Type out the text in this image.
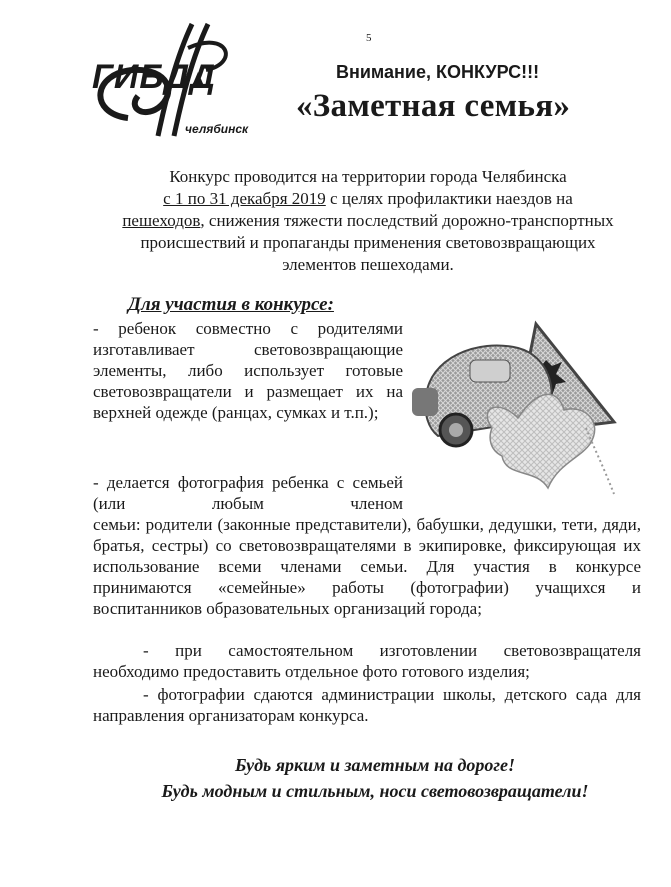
5
ГИБДД
челябинск
Внимание, КОНКУРС!!!
«Заметная семья»
Конкурс проводится на территории города Челябинска
с 1 по 31 декабря 2019 с целях профилактики наездов на
пешеходов, снижения тяжести последствий дорожно-транспортных происшествий и пропаганды применения световозвращающих элементов пешеходами.
Для участия в конкурсе:
- ребенок совместно с родителями изготавливает световозвращающие элементы, либо использует готовые световозвращатели и размещает их на верхней одежде (ранцах, сумках и т.п.);
- делается фотография ребенка с семьей (или любым членом
семьи: родители (законные представители), бабушки, дедушки, тети, дяди, братья, сестры) со световозвращателями в экипировке, фиксирующая их использование всеми членами семьи. Для участия в конкурсе принимаются «семейные» работы (фотографии) учащихся и воспитанников образовательных организаций города;
- при самостоятельном изготовлении световозвращателя необходимо предоставить отдельное фото готового изделия;
- фотографии сдаются администрации школы, детского сада для направления организаторам конкурса.
Будь ярким и заметным на дороге!
Будь модным и стильным, носи световозвращатели!
